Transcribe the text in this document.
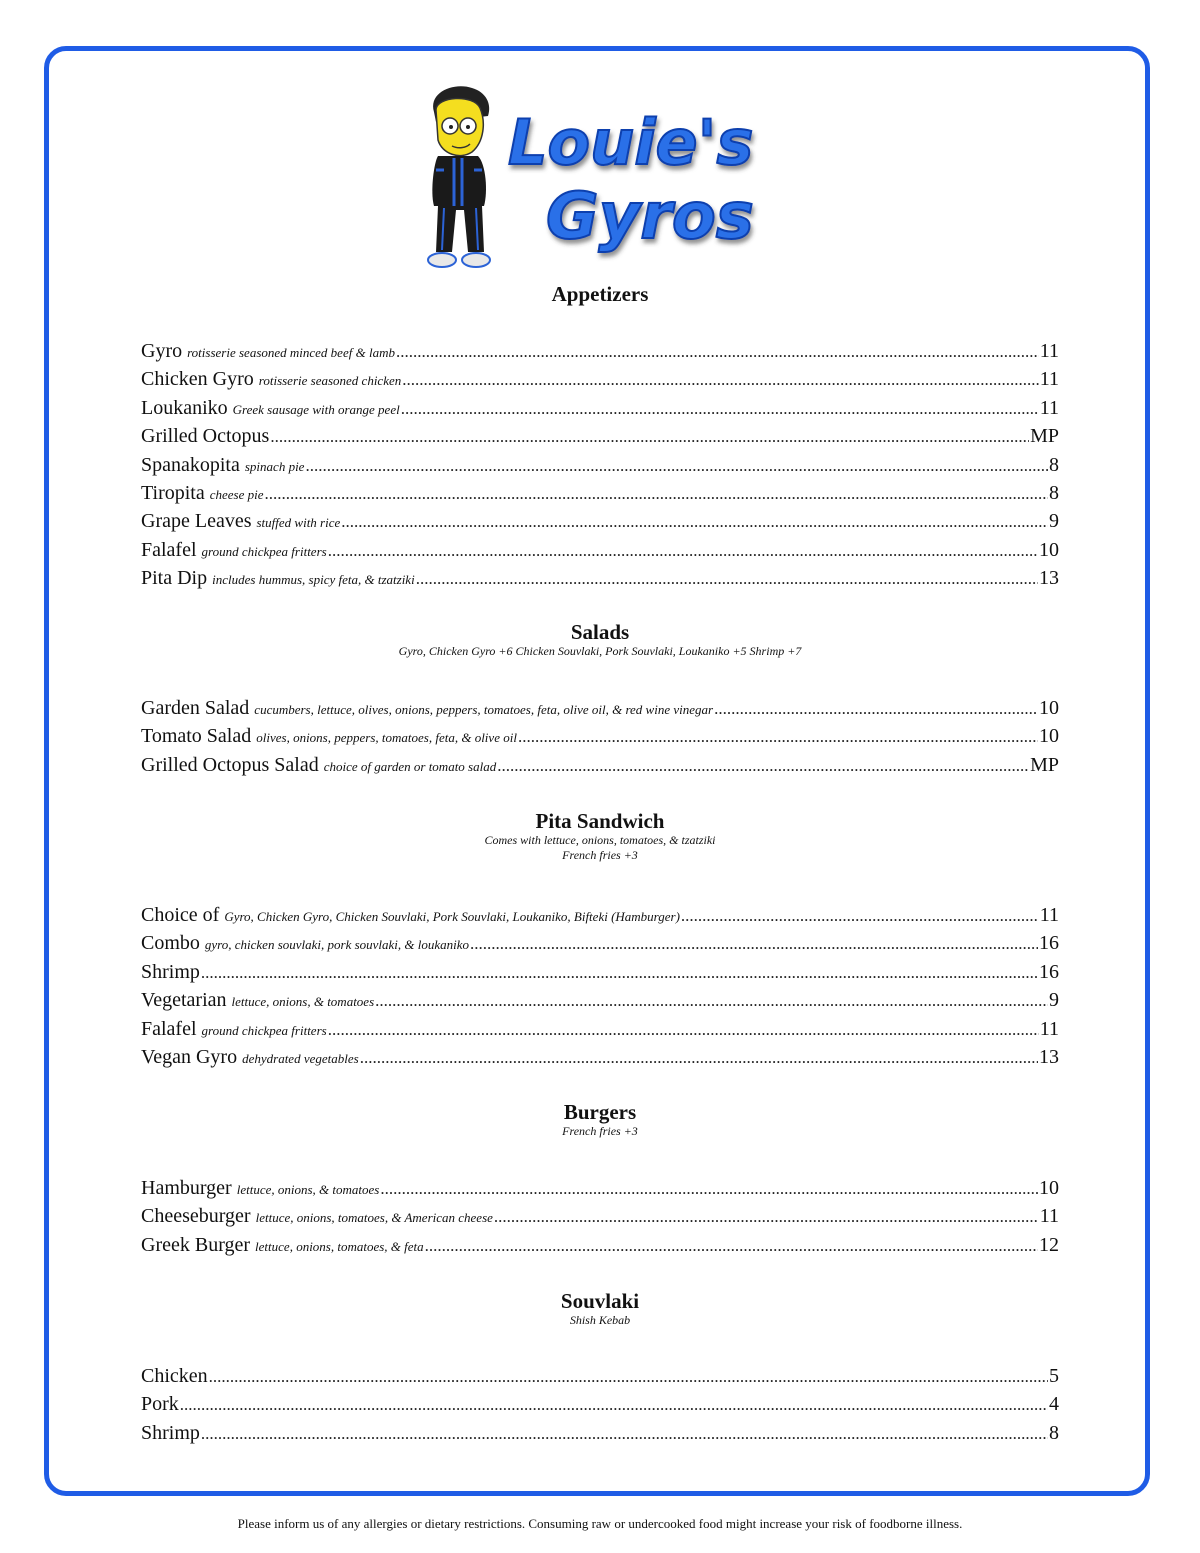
Louie's
Gyros
Appetizers
Gyro rotisserie seasoned minced beef & lamb .....	11
Chicken Gyro rotisserie seasoned chicken .....	11
Loukaniko Greek sausage with orange peel .....	11
Grilled Octopus .....	MP
Spanakopita spinach pie .....	8
Tiropita cheese pie .....	8
Grape Leaves stuffed with rice .....	9
Falafel ground chickpea fritters .....	10
Pita Dip includes hummus, spicy feta, & tzatziki .....	13
Salads

Gyro, Chicken Gyro +6 Chicken Souvlaki, Pork Souvlaki, Loukaniko +5 Shrimp +7

Garden Salad cucumbers, lettuce, olives, onions, peppers, tomatoes, feta, olive oil, & red wine vinegar .....	10
Tomato Salad olives, onions, peppers, tomatoes, feta, & olive oil .....	10
Grilled Octopus Salad choice of garden or tomato salad .....	MP
Pita Sandwich

Comes with lettuce, onions, tomatoes, & tzatziki

French fries +3

Choice of Gyro, Chicken Gyro, Chicken Souvlaki, Pork Souvlaki, Loukaniko, Bifteki (Hamburger) .....	11
Combo gyro, chicken souvlaki, pork souvlaki, & loukaniko .....	16
Shrimp .....	16
Vegetarian lettuce, onions, & tomatoes .....	9
Falafel ground chickpea fritters .....	11
Vegan Gyro dehydrated vegetables .....	13
Burgers

French fries +3

Hamburger lettuce, onions, & tomatoes .....	10
Cheeseburger lettuce, onions, tomatoes, & American cheese .....	11
Greek Burger lettuce, onions, tomatoes, & feta .....	12
Souvlaki

Shish Kebab

Chicken .....	5
Pork .....	4
Shrimp .....	8
Please inform us of any allergies or dietary restrictions. Consuming raw or undercooked food might increase your risk of foodborne illness.
